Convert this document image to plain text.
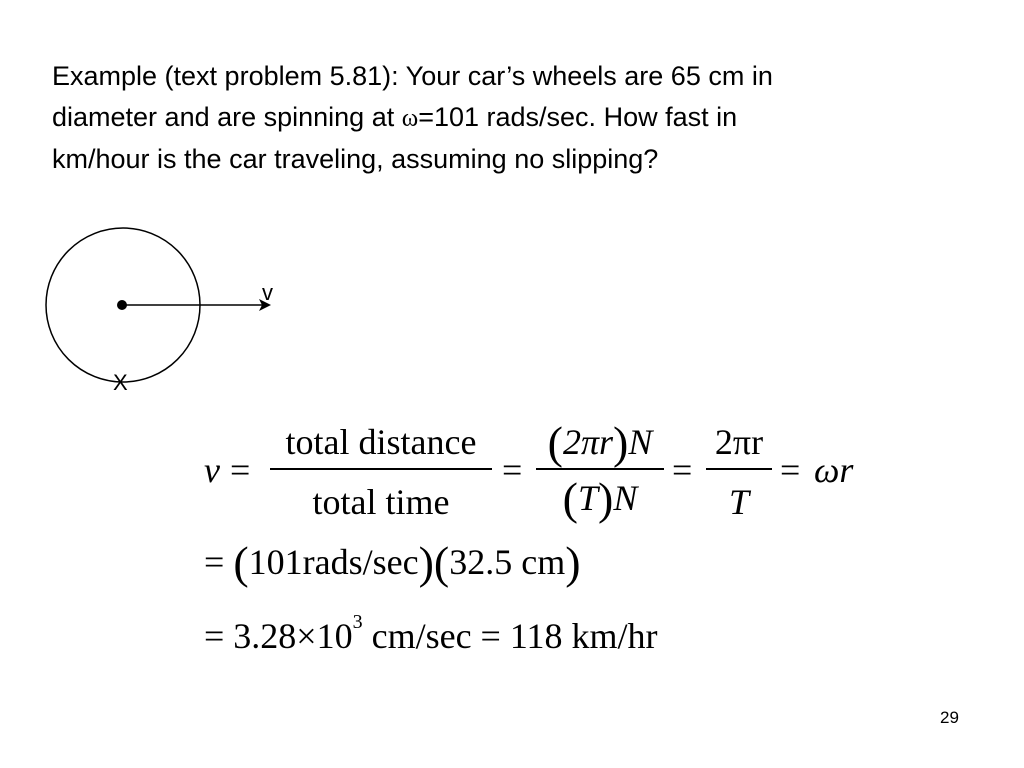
Example (text problem 5.81): Your car’s wheels are 65 cm in
diameter and are spinning at ω=101 rads/sec. How fast in
km/hour is the car traveling, assuming no slipping?

v
X
v =
total distance
total time
=
(2πr)N
(T)N
=
2πr
T
= ωr
= (101rads/sec)(32.5 cm)
= $3.28\times 10^3$ cm/sec = 118 km/hr
29
